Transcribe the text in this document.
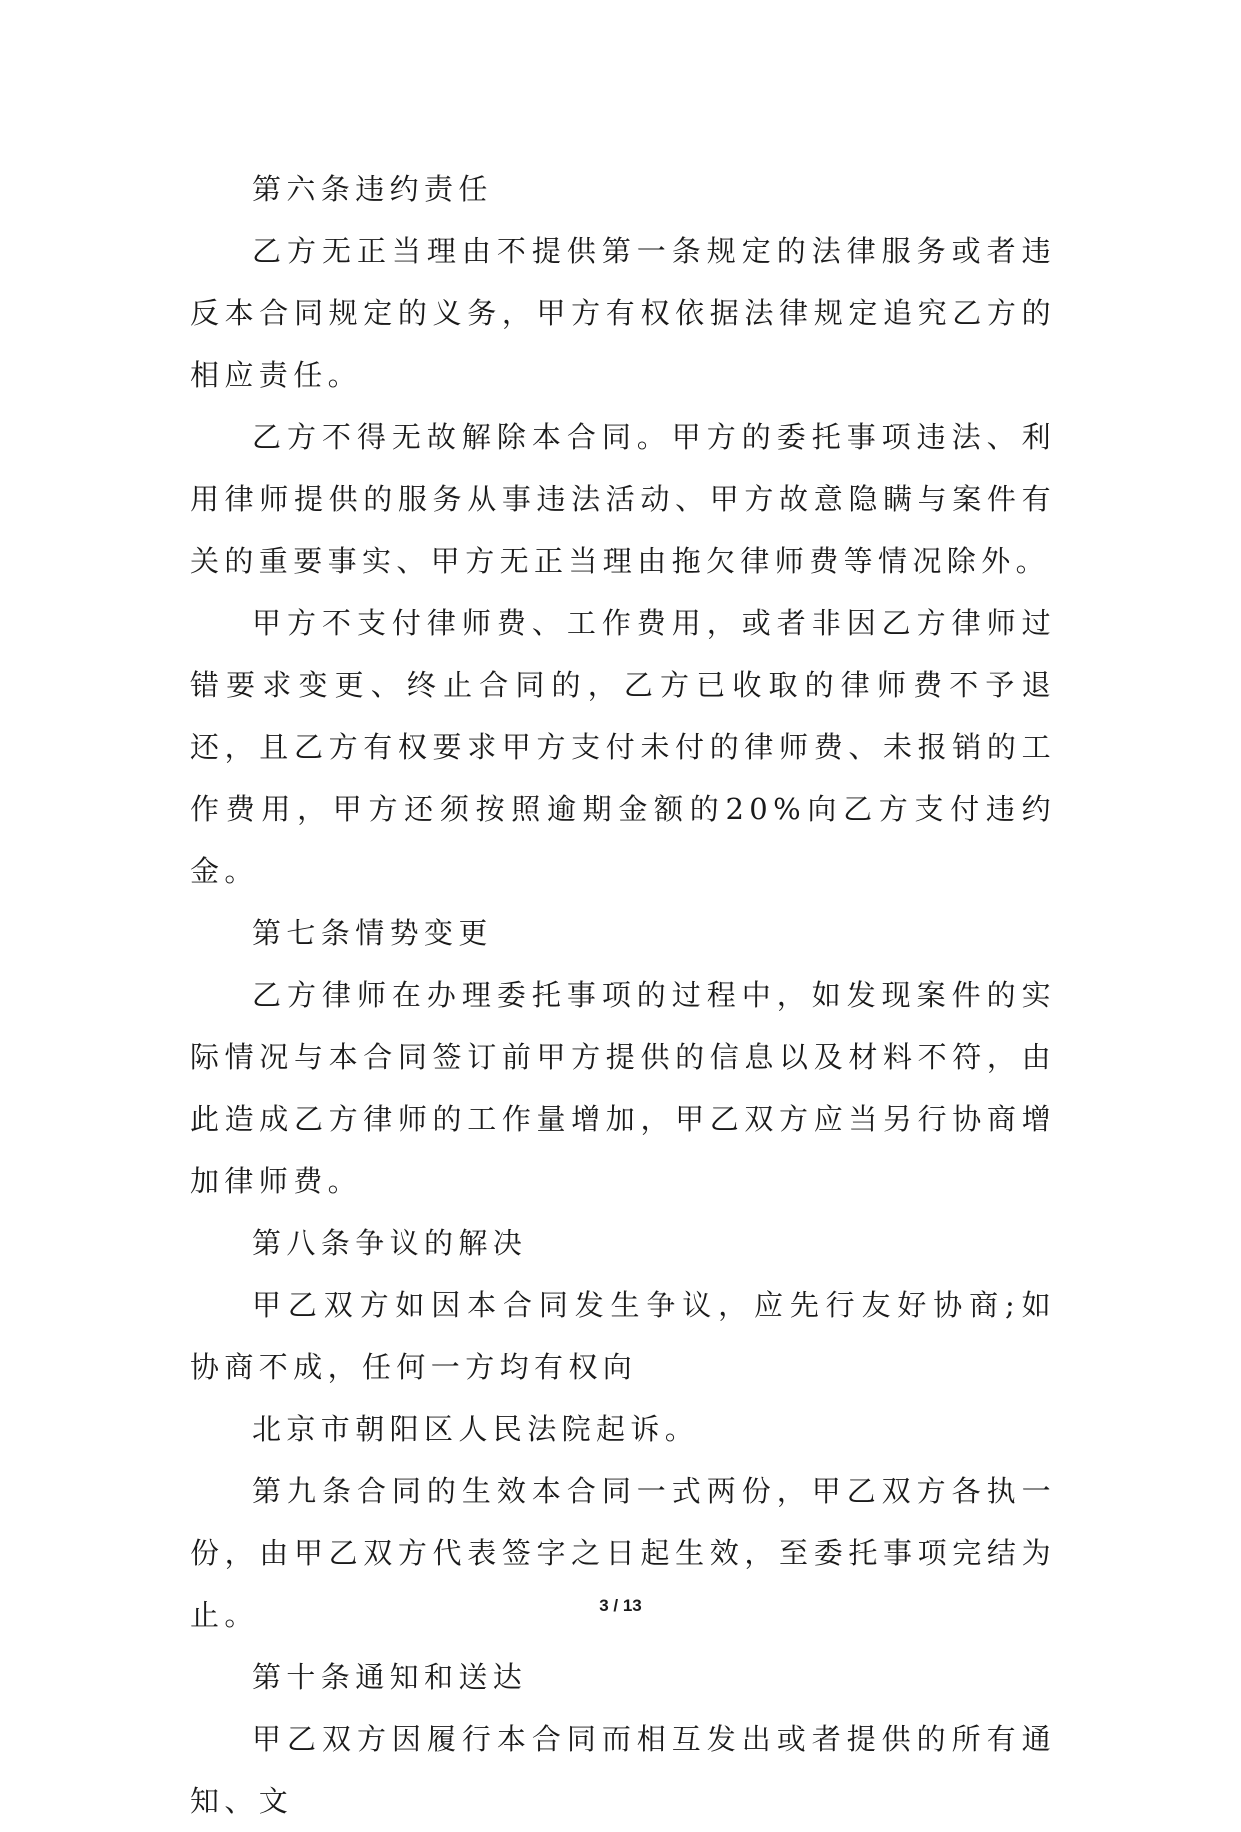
第六条违约责任

乙方无正当理由不提供第一条规定的法律服务或者违反本合同规定的义务，甲方有权依据法律规定追究乙方的相应责任。

乙方不得无故解除本合同。甲方的委托事项违法、利用律师提供的服务从事违法活动、甲方故意隐瞒与案件有关的重要事实、甲方无正当理由拖欠律师费等情况除外。

甲方不支付律师费、工作费用，或者非因乙方律师过错要求变更、终止合同的，乙方已收取的律师费不予退还，且乙方有权要求甲方支付未付的律师费、未报销的工作费用，甲方还须按照逾期金额的20%向乙方支付违约金。

第七条情势变更

乙方律师在办理委托事项的过程中，如发现案件的实际情况与本合同签订前甲方提供的信息以及材料不符，由此造成乙方律师的工作量增加，甲乙双方应当另行协商增加律师费。

第八条争议的解决

甲乙双方如因本合同发生争议，应先行友好协商;如协商不成，任何一方均有权向

北京市朝阳区人民法院起诉。

第九条合同的生效本合同一式两份，甲乙双方各执一份，由甲乙双方代表签字之日起生效，至委托事项完结为止。

第十条通知和送达

甲乙双方因履行本合同而相互发出或者提供的所有通知、文

3 / 13
